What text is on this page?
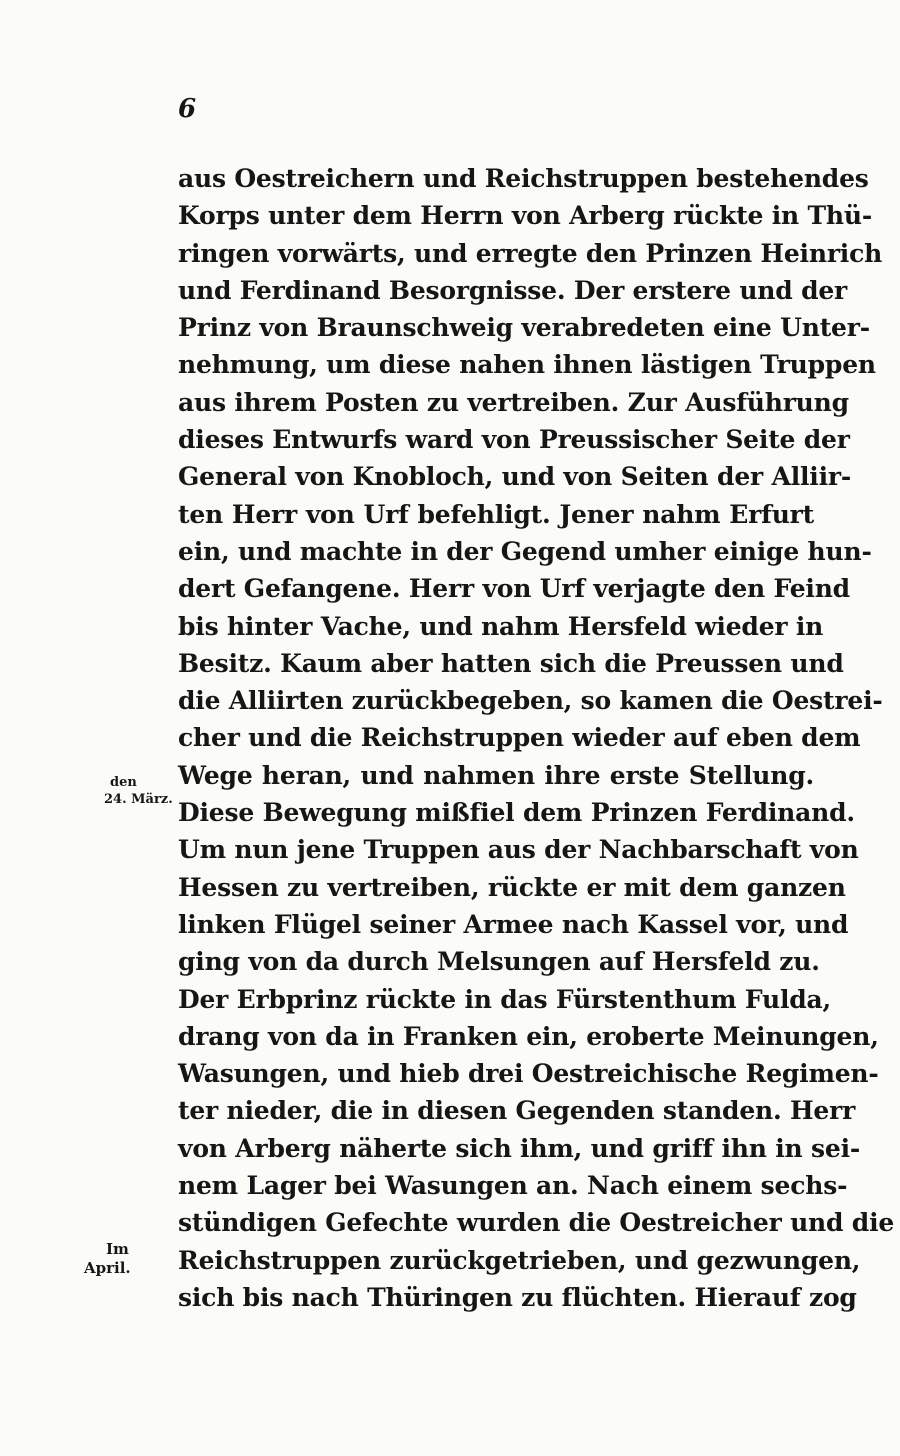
6
aus Oestreichern und Reichstruppen bestehendes
Korps unter dem Herrn von Arberg rückte in Thü-
ringen vorwärts, und erregte den Prinzen Heinrich
und Ferdinand Besorgnisse. Der erstere und der
Prinz von Braunschweig verabredeten eine Unter-
nehmung, um diese nahen ihnen lästigen Truppen
aus ihrem Posten zu vertreiben. Zur Ausführung
dieses Entwurfs ward von Preussischer Seite der
General von Knobloch, und von Seiten der Alliir-
ten Herr von Urf befehligt. Jener nahm Erfurt
ein, und machte in der Gegend umher einige hun-
dert Gefangene. Herr von Urf verjagte den Feind
bis hinter Vache, und nahm Hersfeld wieder in
Besitz. Kaum aber hatten sich die Preussen und
die Alliirten zurückbegeben, so kamen die Oestrei-
cher und die Reichstruppen wieder auf eben dem
Wege heran, und nahmen ihre erste Stellung.
Diese Bewegung mißfiel dem Prinzen Ferdinand.
Um nun jene Truppen aus der Nachbarschaft von
Hessen zu vertreiben, rückte er mit dem ganzen
linken Flügel seiner Armee nach Kassel vor, und
ging von da durch Melsungen auf Hersfeld zu.
Der Erbprinz rückte in das Fürstenthum Fulda,
drang von da in Franken ein, eroberte Meinungen,
Wasungen, und hieb drei Oestreichische Regimen-
ter nieder, die in diesen Gegenden standen. Herr
von Arberg näherte sich ihm, und griff ihn in sei-
nem Lager bei Wasungen an. Nach einem sechs-
stündigen Gefechte wurden die Oestreicher und die
Reichstruppen zurückgetrieben, und gezwungen,
sich bis nach Thüringen zu flüchten. Hierauf zog
den
24. März.
Im
April.
